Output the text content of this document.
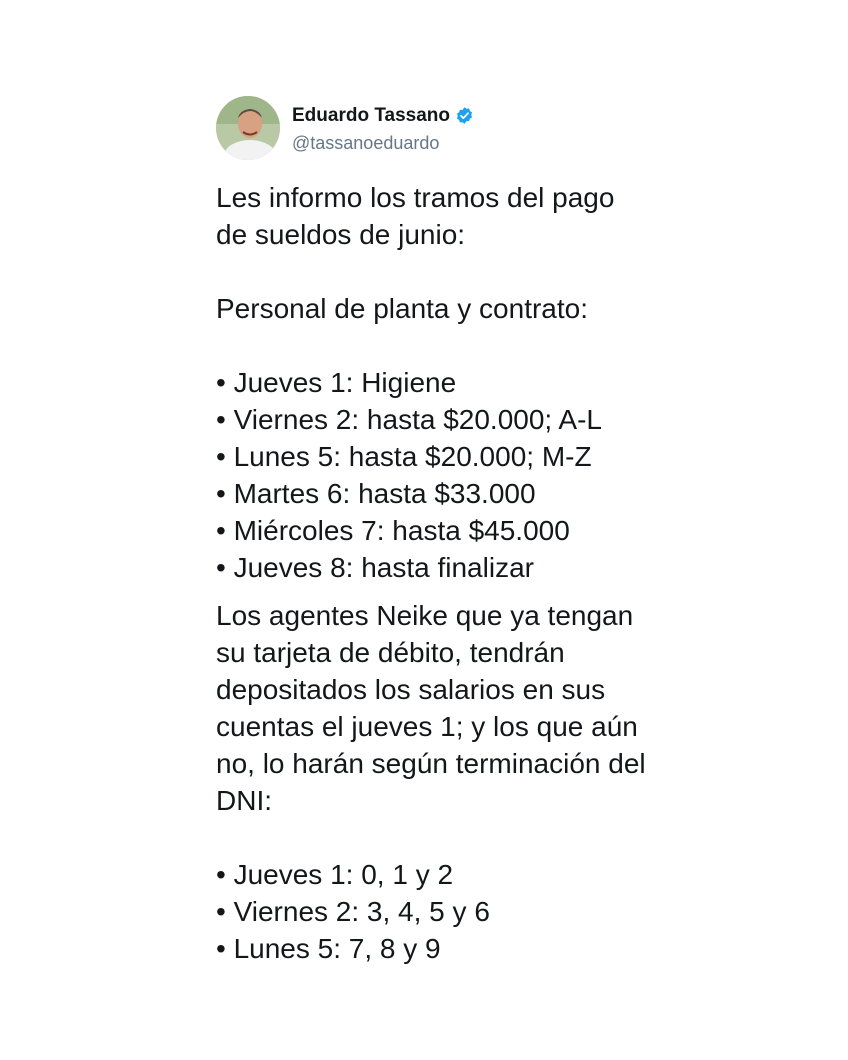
Eduardo Tassano
@tassanoeduardo
Les informo los tramos del pago
de sueldos de junio:
Personal de planta y contrato:
• Jueves 1: Higiene
• Viernes 2: hasta $20.000; A-L
• Lunes 5: hasta $20.000; M-Z
• Martes 6: hasta $33.000
• Miércoles 7: hasta $45.000
• Jueves 8: hasta finalizar
Los agentes Neike que ya tengan
su tarjeta de débito, tendrán
depositados los salarios en sus
cuentas el jueves 1; y los que aún
no, lo harán según terminación del
DNI:
• Jueves 1: 0, 1 y 2
• Viernes 2: 3, 4, 5 y 6
• Lunes 5: 7, 8 y 9
